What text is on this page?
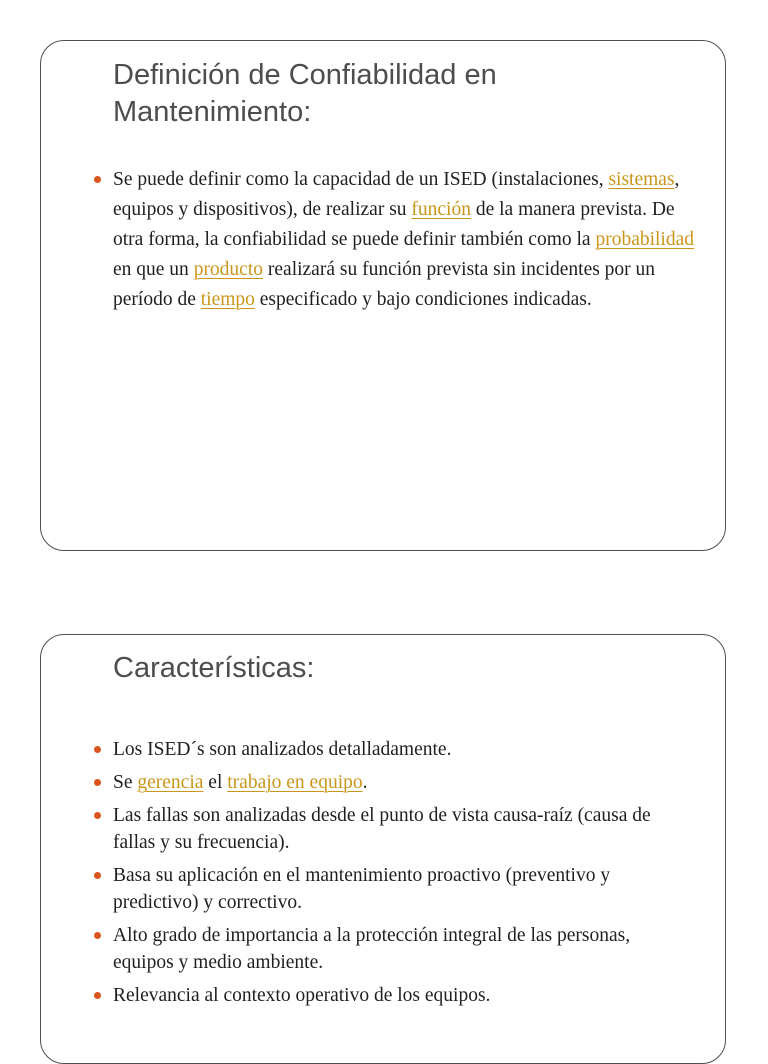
Definición de Confiabilidad en Mantenimiento:
Se puede definir como la capacidad de un ISED (instalaciones, sistemas, equipos y dispositivos), de realizar su función de la manera prevista. De otra forma, la confiabilidad se puede definir también como la probabilidad en que un producto realizará su función prevista sin incidentes por un período de tiempo especificado y bajo condiciones indicadas.
Características:
Los ISED´s son analizados detalladamente.
Se gerencia el trabajo en equipo.
Las fallas son analizadas desde el punto de vista causa-raíz (causa de fallas y su frecuencia).
Basa su aplicación en el mantenimiento proactivo (preventivo y predictivo) y correctivo.
Alto grado de importancia a la protección integral de las personas, equipos y medio ambiente.
Relevancia al contexto operativo de los equipos.
